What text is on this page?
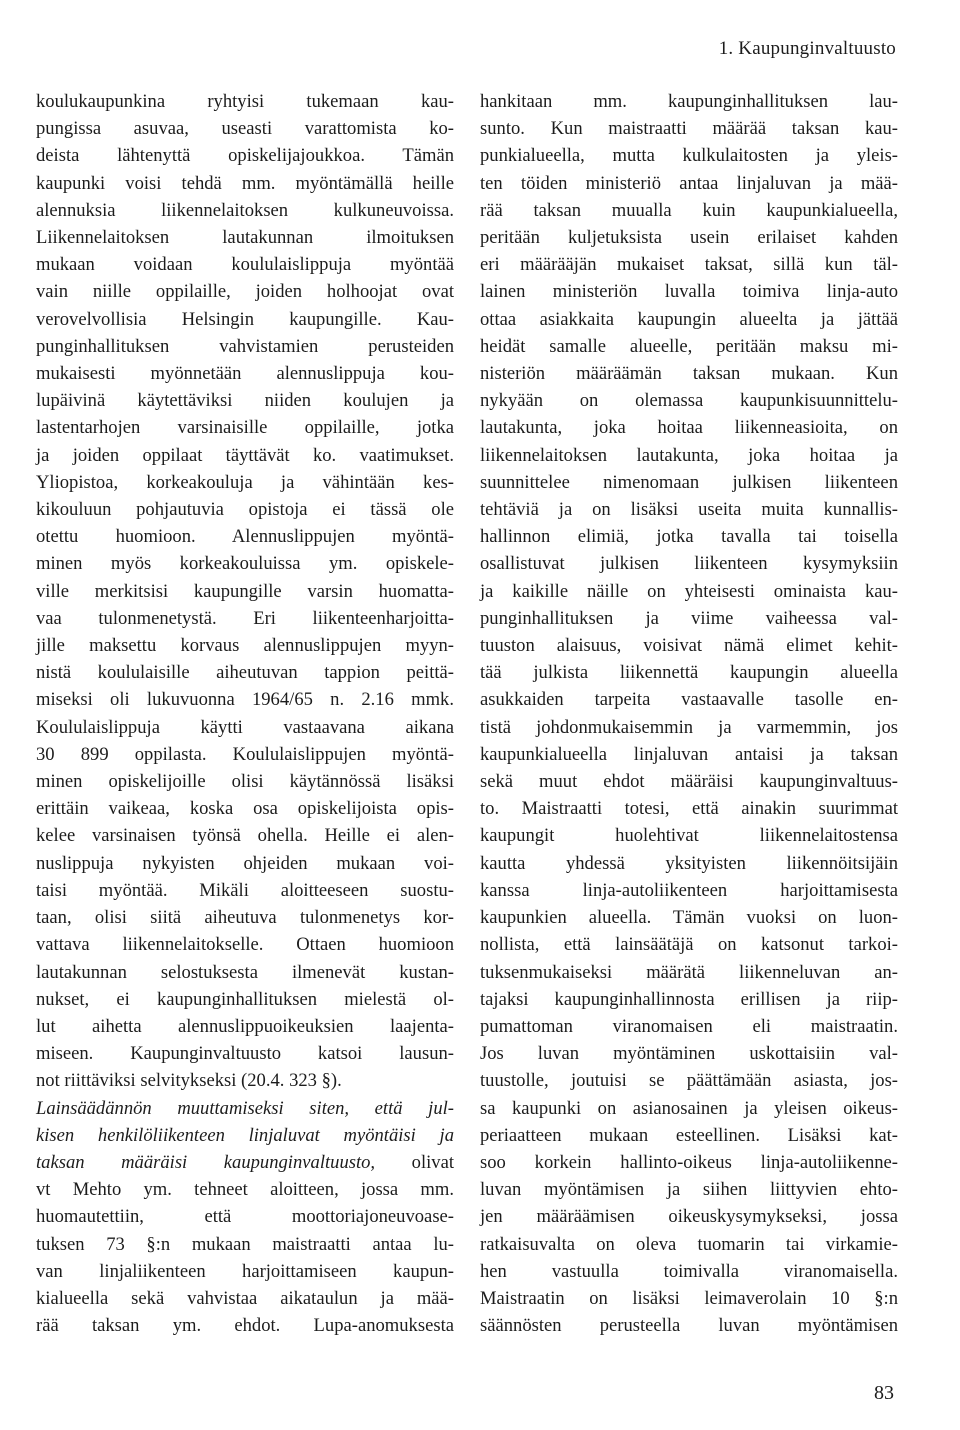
1. Kaupunginvaltuusto
koulukaupunkina ryhtyisi tukemaan kau-
pungissa asuvaa, useasti varattomista ko-
deista lähtenyttä opiskelijajoukkoa. Tämän
kaupunki voisi tehdä mm. myöntämällä heille
alennuksia liikennelaitoksen kulkuneuvoissa.
Liikennelaitoksen lautakunnan ilmoituksen
mukaan voidaan koululaislippuja myöntää
vain niille oppilaille, joiden holhoojat ovat
verovelvollisia Helsingin kaupungille. Kau-
punginhallituksen vahvistamien perusteiden
mukaisesti myönnetään alennuslippuja kou-
lupäivinä käytettäviksi niiden koulujen ja
lastentarhojen varsinaisille oppilaille, jotka
ja joiden oppilaat täyttävät ko. vaatimukset.
Yliopistoa, korkeakouluja ja vähintään kes-
kikouluun pohjautuvia opistoja ei tässä ole
otettu huomioon. Alennuslippujen myöntä-
minen myös korkeakouluissa ym. opiskele-
ville merkitsisi kaupungille varsin huomatta-
vaa tulonmenetystä. Eri liikenteenharjoitta-
jille maksettu korvaus alennuslippujen myyn-
nistä koululaisille aiheutuvan tappion peittä-
miseksi oli lukuvuonna 1964/65 n. 2.16 mmk.
Koululaislippuja käytti vastaavana aikana
30 899 oppilasta. Koululaislippujen myöntä-
minen opiskelijoille olisi käytännössä lisäksi
erittäin vaikeaa, koska osa opiskelijoista opis-
kelee varsinaisen työnsä ohella. Heille ei alen-
nuslippuja nykyisten ohjeiden mukaan voi-
taisi myöntää. Mikäli aloitteeseen suostu-
taan, olisi siitä aiheutuva tulonmenetys kor-
vattava liikennelaitokselle. Ottaen huomioon
lautakunnan selostuksesta ilmenevät kustan-
nukset, ei kaupunginhallituksen mielestä ol-
lut aihetta alennuslippuoikeuksien laajenta-
miseen. Kaupunginvaltuusto katsoi lausun-
not riittäviksi selvitykseksi (20.4. 323 §).
Lainsäädännön muuttamiseksi siten, että jul-
kisen henkilöliikenteen linjaluvat myöntäisi ja
taksan määräisi kaupunginvaltuusto, olivat
vt Mehto ym. tehneet aloitteen, jossa mm.
huomautettiin, että moottoriajoneuvoase-
tuksen 73 §:n mukaan maistraatti antaa lu-
van linjaliikenteen harjoittamiseen kaupun-
kialueella sekä vahvistaa aikataulun ja mää-
rää taksan ym. ehdot. Lupa-anomuksesta
hankitaan mm. kaupunginhallituksen lau-
sunto. Kun maistraatti määrää taksan kau-
punkialueella, mutta kulkulaitosten ja yleis-
ten töiden ministeriö antaa linjaluvan ja mää-
rää taksan muualla kuin kaupunkialueella,
peritään kuljetuksista usein erilaiset kahden
eri määrääjän mukaiset taksat, sillä kun täl-
lainen ministeriön luvalla toimiva linja-auto
ottaa asiakkaita kaupungin alueelta ja jättää
heidät samalle alueelle, peritään maksu mi-
nisteriön määräämän taksan mukaan. Kun
nykyään on olemassa kaupunkisuunnittelu-
lautakunta, joka hoitaa liikenneasioita, on
liikennelaitoksen lautakunta, joka hoitaa ja
suunnittelee nimenomaan julkisen liikenteen
tehtäviä ja on lisäksi useita muita kunnallis-
hallinnon elimiä, jotka tavalla tai toisella
osallistuvat julkisen liikenteen kysymyksiin
ja kaikille näille on yhteisesti ominaista kau-
punginhallituksen ja viime vaiheessa val-
tuuston alaisuus, voisivat nämä elimet kehit-
tää julkista liikennettä kaupungin alueella
asukkaiden tarpeita vastaavalle tasolle en-
tistä johdonmukaisemmin ja varmemmin, jos
kaupunkialueella linjaluvan antaisi ja taksan
sekä muut ehdot määräisi kaupunginvaltuus-
to. Maistraatti totesi, että ainakin suurimmat
kaupungit huolehtivat liikennelaitostensa
kautta yhdessä yksityisten liikennöitsijäin
kanssa linja-autoliikenteen harjoittamisesta
kaupunkien alueella. Tämän vuoksi on luon-
nollista, että lainsäätäjä on katsonut tarkoi-
tuksenmukaiseksi määrätä liikenneluvan an-
tajaksi kaupunginhallinnosta erillisen ja riip-
pumattoman viranomaisen eli maistraatin.
Jos luvan myöntäminen uskottaisiin val-
tuustolle, joutuisi se päättämään asiasta, jos-
sa kaupunki on asianosainen ja yleisen oikeus-
periaatteen mukaan esteellinen. Lisäksi kat-
soo korkein hallinto-oikeus linja-autoliikenne-
luvan myöntämisen ja siihen liittyvien ehto-
jen määräämisen oikeuskysymykseksi, jossa
ratkaisuvalta on oleva tuomarin tai virkamie-
hen vastuulla toimivalla viranomaisella.
Maistraatin on lisäksi leimaverolain 10 §:n
säännösten perusteella luvan myöntämisen
83
